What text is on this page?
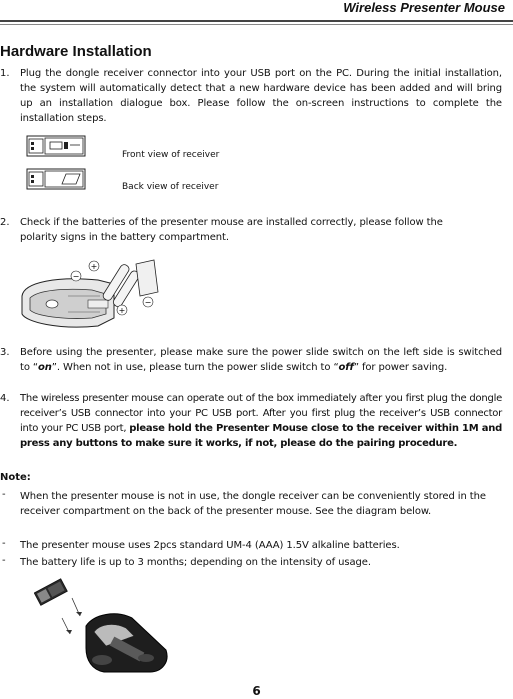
Wireless Presenter Mouse
Hardware Installation
1. Plug the dongle receiver connector into your USB port on the PC. During the initial installation, the system will automatically detect that a new hardware device has been added and will bring up an installation dialogue box. Please follow the on-screen instructions to complete the installation steps.
Front view of receiver
Back view of receiver
2. Check if the batteries of the presenter mouse are installed correctly, please follow the polarity signs in the battery compartment.
+
−
−
+
3. Before using the presenter, please make sure the power slide switch on the left side is switched to “on”. When not in use, please turn the power slide switch to “off” for power saving.
4. The wireless presenter mouse can operate out of the box immediately after you first plug the dongle receiver’s USB connector into your PC USB port. After you first plug the receiver’s USB connector into your PC USB port, please hold the Presenter Mouse close to the receiver within 1M and press any buttons to make sure it works, if not, please do the pairing procedure.
Note:
- When the presenter mouse is not in use, the dongle receiver can be conveniently stored in the receiver compartment on the back of the presenter mouse. See the diagram below.
- The presenter mouse uses 2pcs standard UM-4 (AAA) 1.5V alkaline batteries.
- The battery life is up to 3 months; depending on the intensity of usage.
6
